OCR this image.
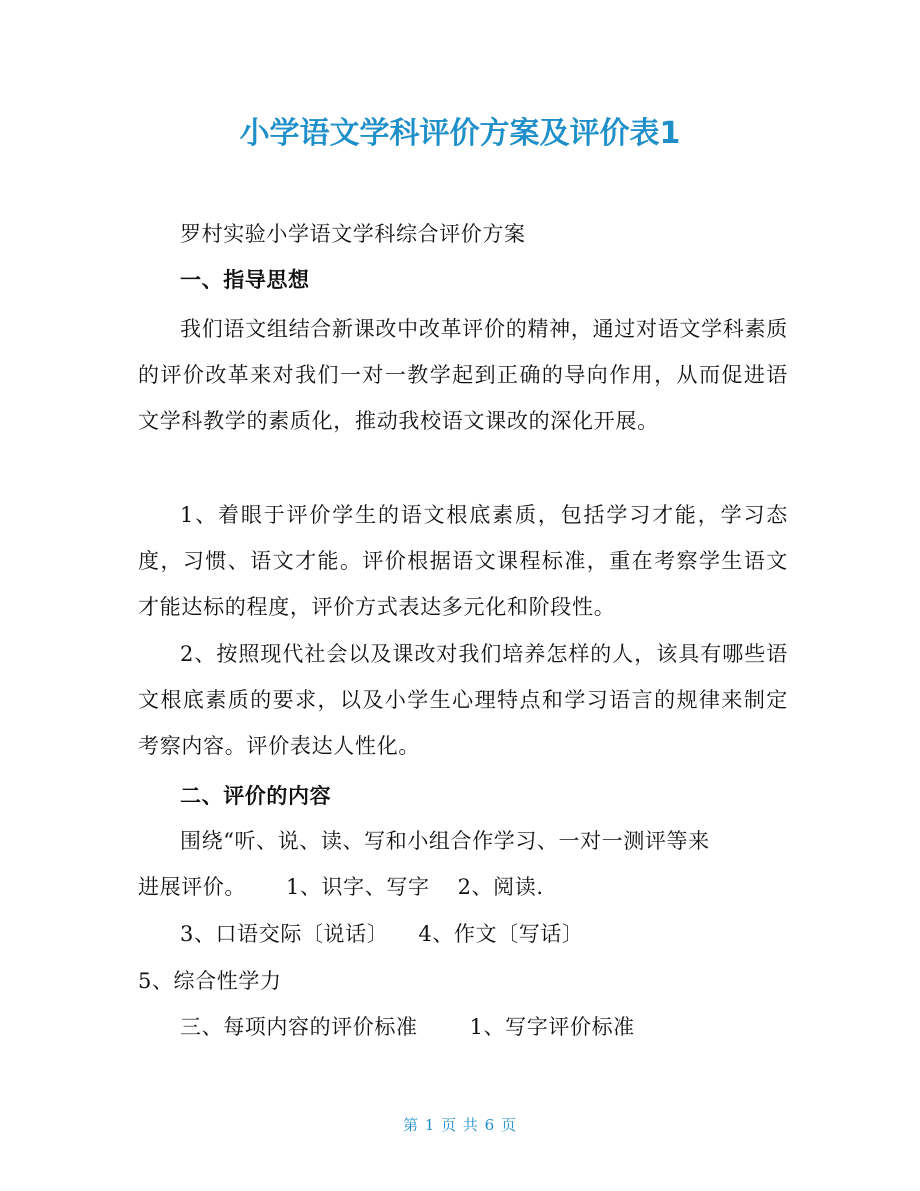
小学语文学科评价方案及评价表1
罗村实验小学语文学科综合评价方案
一、指导思想
我们语文组结合新课改中改革评价的精神，通过对语文学科素质的评价改革来对我们一对一教学起到正确的导向作用，从而促进语文学科教学的素质化，推动我校语文课改的深化开展。
1、着眼于评价学生的语文根底素质，包括学习才能，学习态度，习惯、语文才能。评价根据语文课程标准，重在考察学生语文才能达标的程度，评价方式表达多元化和阶段性。
2、按照现代社会以及课改对我们培养怎样的人，该具有哪些语文根底素质的要求，以及小学生心理特点和学习语言的规律来制定考察内容。评价表达人性化。
二、评价的内容
围绕“听、说、读、写和小组合作学习、一对一测评等来
进展评价。 1、识字、写字 2、阅读.
3、口语交际〔说话〕 4、作文〔写话〕
5、综合性学力
三、每项内容的评价标准 1、写字评价标准
第 1 页 共 6 页
